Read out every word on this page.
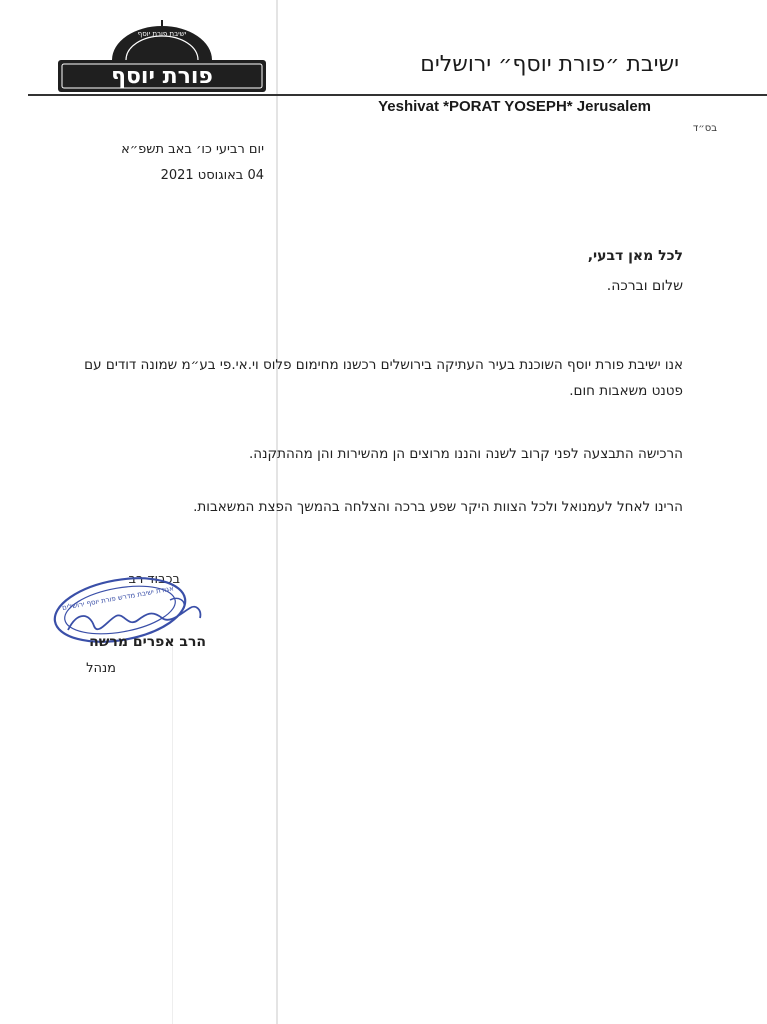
ישיבת פורת יוסף
פורת יוסף	ישיבת ״פורת יוסף״ ירושלים
Yeshivat *PORAT YOSEPH* Jerusalem
בס״ד
יום רביעי כו׳ באב תשפ״א
04 באוגוסט 2021
לכל מאן דבעי,
שלום וברכה.
אנו ישיבת פורת יוסף השוכנת בעיר העתיקה בירושלים רכשנו מחימום פלוס וי.אי.פי בע״מ שמונה דודים עם פטנט משאבות חום.
הרכישה התבצעה לפני קרוב לשנה והננו מרוצים הן מהשירות והן מההתקנה.
הרינו לאחל לעמנואל ולכל הצוות היקר שפע ברכה והצלחה בהמשך הפצת המשאבות.
בכבוד רב
אגודת ישיבת מדרש פורת יוסף ירושלים
הרב אפרים מרשה
מנהל
